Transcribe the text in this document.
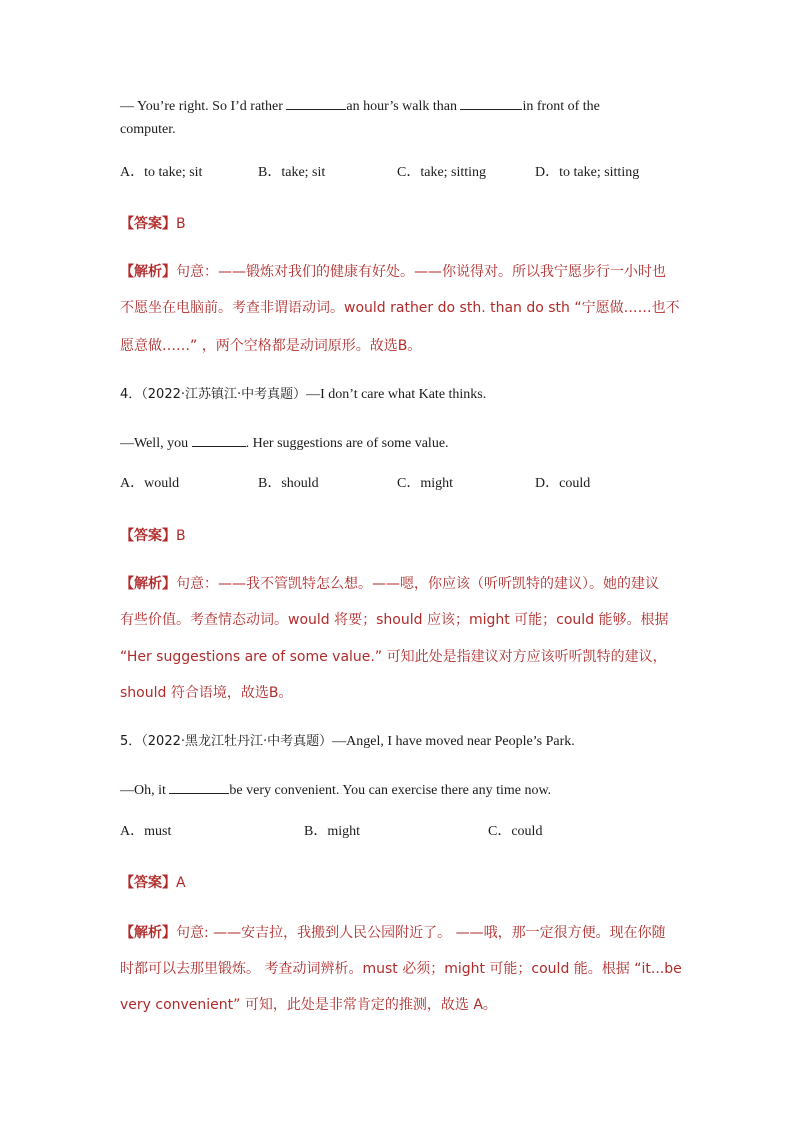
— You’re right. So I’d rather	an hour’s walk than	in front of the
computer.
A．to take; sit	B．take; sit	C．take; sitting	D．to take; sitting
【答案】B
【解析】句意：——锻炼对我们的健康有好处。——你说得对。所以我宁愿步行一小时也
不愿坐在电脑前。考查非谓语动词。would rather do sth. than do sth “宁愿做……也不
愿意做……” ，两个空格都是动词原形。故选B。
4．（2022·江苏镇江·中考真题）—I don’t care what Kate thinks.
—Well, you	. Her suggestions are of some value.
A．would	B．should	C．might	D．could
【答案】B
【解析】句意：——我不管凯特怎么想。——嗯，你应该（听听凯特的建议）。她的建议
有些价值。考查情态动词。would 将要；should 应该；might 可能；could 能够。根据
“Her suggestions are of some value.” 可知此处是指建议对方应该听听凯特的建议，
should 符合语境，故选B。
5．（2022·黑龙江牡丹江·中考真题）—Angel, I have moved near People’s Park.
—Oh, it	be very convenient. You can exercise there any time now.
A．must	B．might	C．could
【答案】A
【解析】句意: ——安吉拉，我搬到人民公园附近了。 ——哦，那一定很方便。现在你随
时都可以去那里锻炼。 考查动词辨析。must 必须；might 可能；could 能。根据 “it...be
very convenient” 可知，此处是非常肯定的推测，故选 A。
